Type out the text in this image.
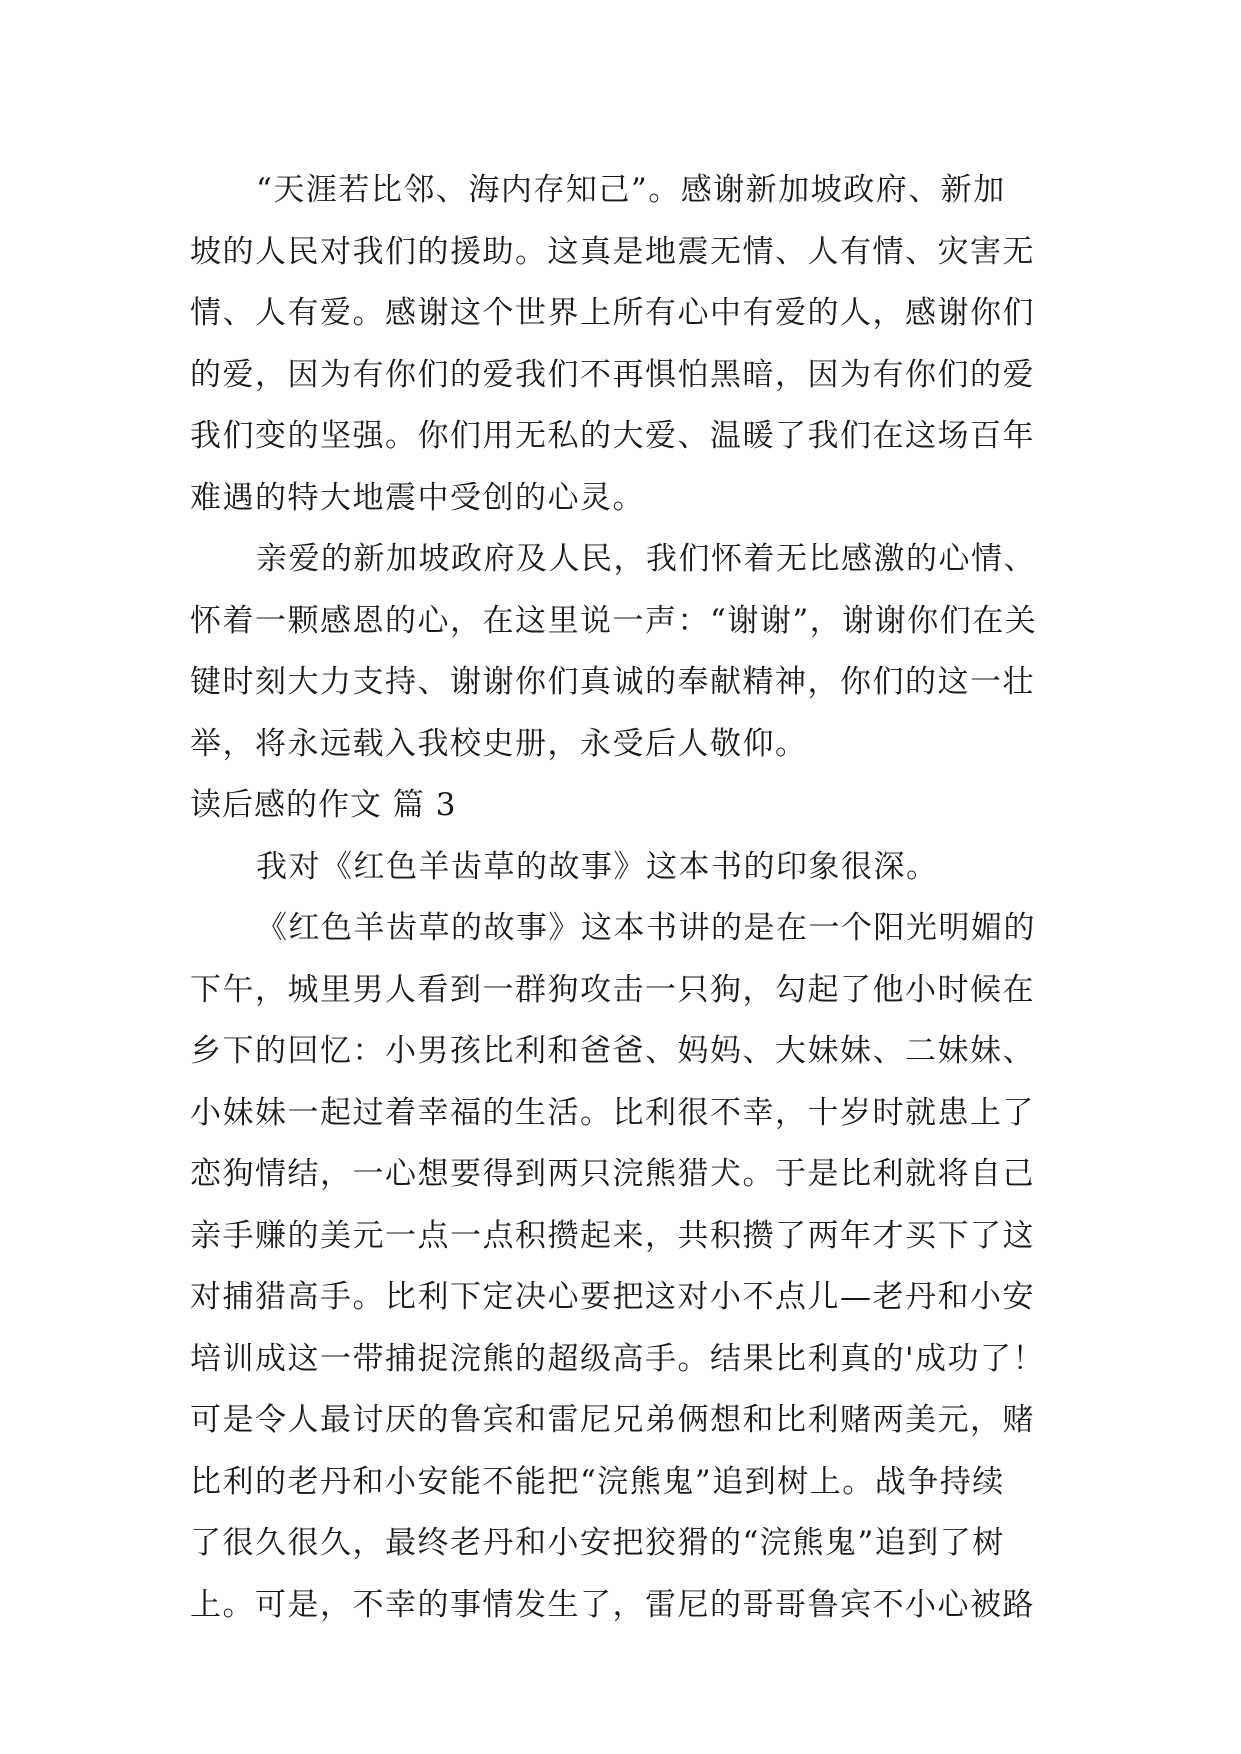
“天涯若比邻、海内存知己”。感谢新加坡政府、新加
坡的人民对我们的援助。这真是地震无情、人有情、灾害无
情、人有爱。感谢这个世界上所有心中有爱的人，感谢你们
的爱，因为有你们的爱我们不再惧怕黑暗，因为有你们的爱
我们变的坚强。你们用无私的大爱、温暖了我们在这场百年
难遇的特大地震中受创的心灵。
亲爱的新加坡政府及人民，我们怀着无比感激的心情、
怀着一颗感恩的心，在这里说一声：“谢谢”，谢谢你们在关
键时刻大力支持、谢谢你们真诚的奉献精神，你们的这一壮
举，将永远载入我校史册，永受后人敬仰。
读后感的作文 篇 3
我对《红色羊齿草的故事》这本书的印象很深。
《红色羊齿草的故事》这本书讲的是在一个阳光明媚的
下午，城里男人看到一群狗攻击一只狗，勾起了他小时候在
乡下的回忆：小男孩比利和爸爸、妈妈、大妹妹、二妹妹、
小妹妹一起过着幸福的生活。比利很不幸，十岁时就患上了
恋狗情结，一心想要得到两只浣熊猎犬。于是比利就将自己
亲手赚的美元一点一点积攒起来，共积攒了两年才买下了这
对捕猎高手。比利下定决心要把这对小不点儿—老丹和小安
培训成这一带捕捉浣熊的超级高手。结果比利真的'成功了！
可是令人最讨厌的鲁宾和雷尼兄弟俩想和比利赌两美元，赌
比利的老丹和小安能不能把“浣熊鬼”追到树上。战争持续
了很久很久，最终老丹和小安把狡猾的“浣熊鬼”追到了树
上。可是，不幸的事情发生了，雷尼的哥哥鲁宾不小心被路
